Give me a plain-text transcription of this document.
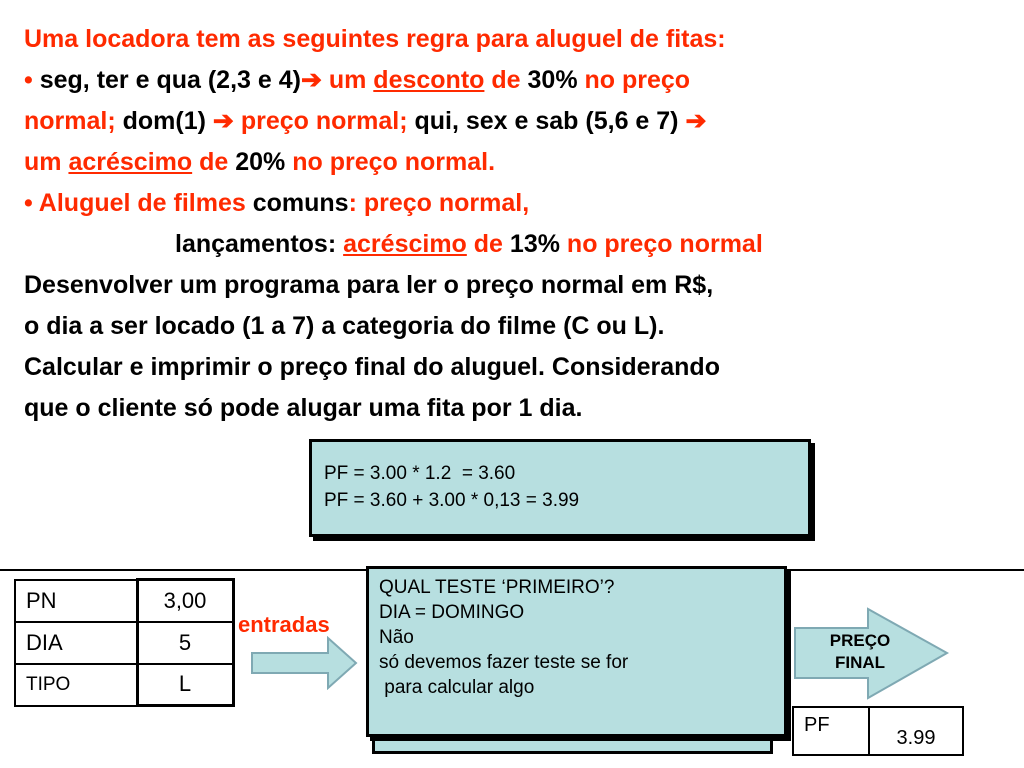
Uma locadora tem as seguintes regra para aluguel de fitas:
• seg, ter e qua (2,3 e 4)➔ um desconto de 30% no preço
normal; dom(1) ➔ preço normal; qui, sex e sab (5,6 e 7) ➔
um acréscimo de 20% no preço normal.
• Aluguel de filmes comuns: preço normal,
lançamentos: acréscimo de 13% no preço normal
Desenvolver um programa para ler o preço normal em R$,
o dia a ser locado (1 a 7) a categoria do filme (C ou L).
Calcular e imprimir o preço final do aluguel. Considerando
que o cliente só pode alugar uma fita por 1 dia.
PF = 3.00 * 1.2  = 3.60
PF = 3.60 + 3.00 * 0,13 = 3.99
PN	3,00
DIA	5
TIPO	L
entradas
QUAL TESTE ‘PRIMEIRO’?
DIA = DOMINGO
Não
só devemos fazer teste se for
para calcular algo
PREÇO
FINAL
PF	3.99
